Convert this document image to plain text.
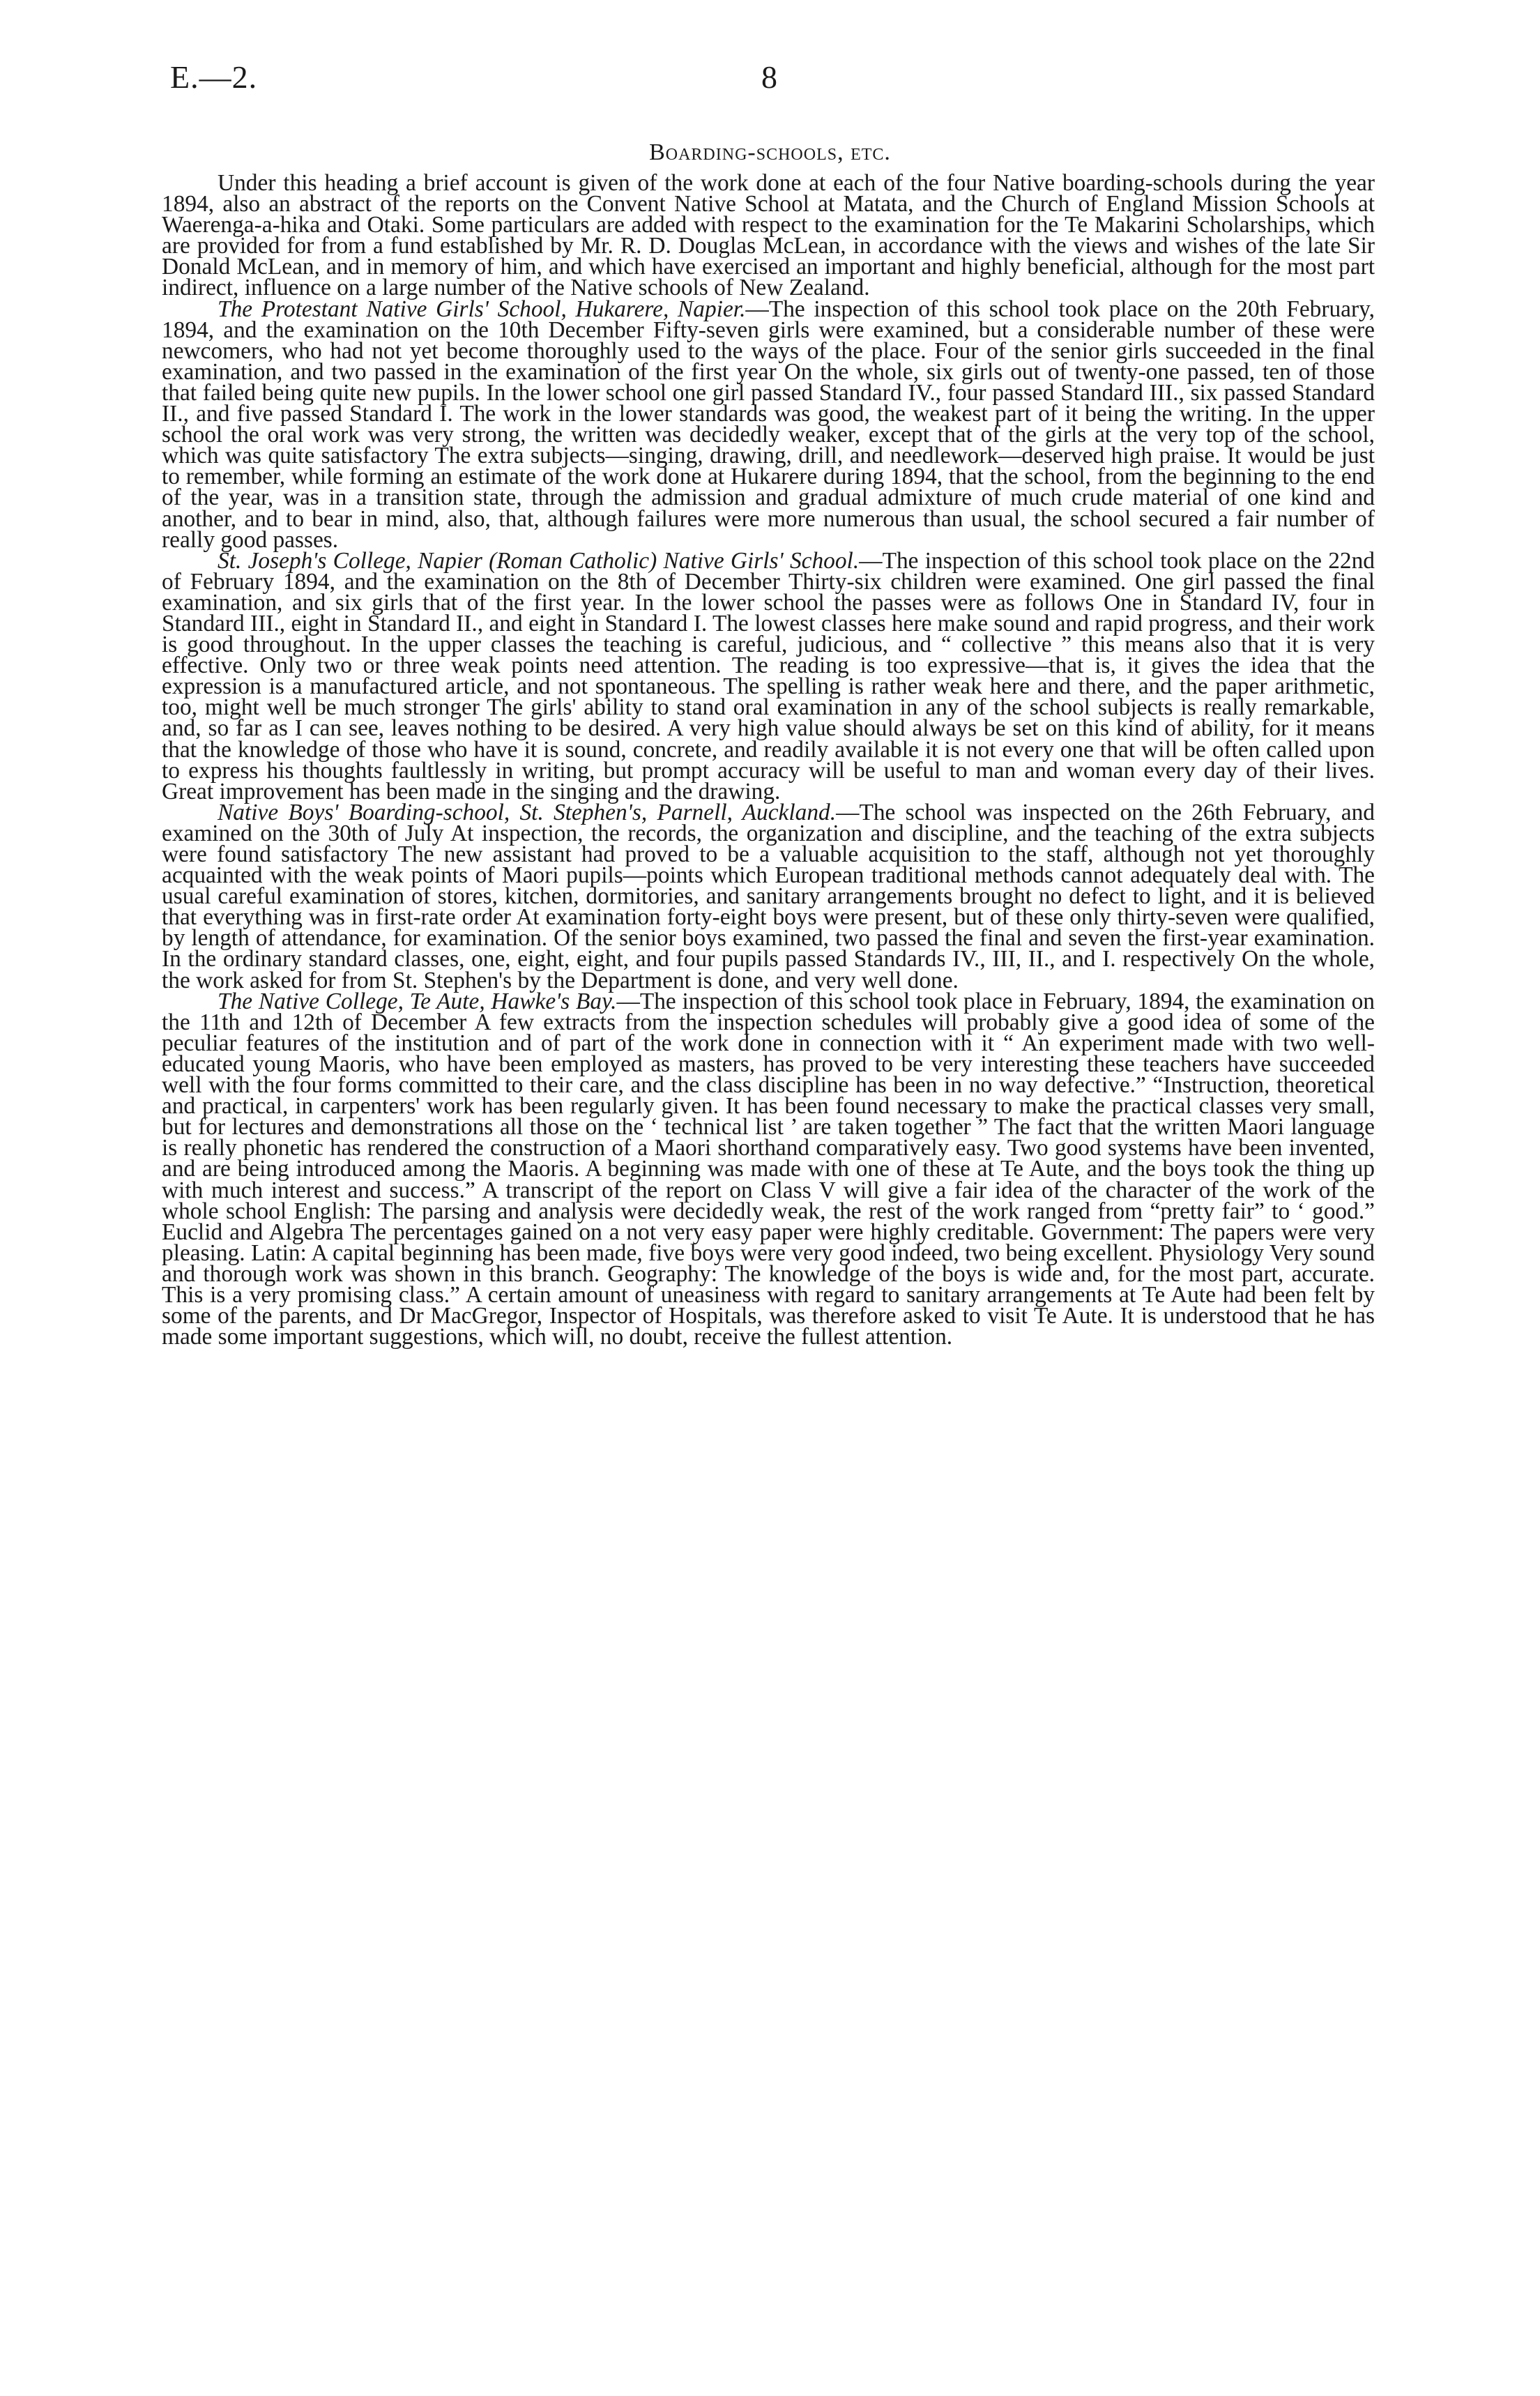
E.—2.	8
Boarding-schools, etc.

Under this heading a brief account is given of the work done at each of the four Native boarding-schools during the year 1894, also an abstract of the reports on the Convent Native School at Matata, and the Church of England Mission Schools at Waerenga-a-hika and Otaki. Some particulars are added with respect to the examination for the Te Makarini Scholarships, which are provided for from a fund established by Mr. R. D. Douglas McLean, in accordance with the views and wishes of the late Sir Donald McLean, and in memory of him, and which have exercised an important and highly beneficial, although for the most part indirect, influence on a large number of the Native schools of New Zealand.

The Protestant Native Girls' School, Hukarere, Napier.—The inspection of this school took place on the 20th February, 1894, and the examination on the 10th December Fifty-seven girls were examined, but a considerable number of these were newcomers, who had not yet become thoroughly used to the ways of the place. Four of the senior girls succeeded in the final examination, and two passed in the examination of the first year On the whole, six girls out of twenty-one passed, ten of those that failed being quite new pupils. In the lower school one girl passed Standard IV., four passed Standard III., six passed Standard II., and five passed Standard I. The work in the lower standards was good, the weakest part of it being the writing. In the upper school the oral work was very strong, the written was decidedly weaker, except that of the girls at the very top of the school, which was quite satisfactory The extra subjects—singing, drawing, drill, and needlework—deserved high praise. It would be just to remember, while forming an estimate of the work done at Hukarere during 1894, that the school, from the beginning to the end of the year, was in a transition state, through the admission and gradual admixture of much crude material of one kind and another, and to bear in mind, also, that, although failures were more numerous than usual, the school secured a fair number of really good passes.

St. Joseph's College, Napier (Roman Catholic) Native Girls' School.—The inspection of this school took place on the 22nd of February 1894, and the examination on the 8th of December Thirty-six children were examined. One girl passed the final examination, and six girls that of the first year. In the lower school the passes were as follows One in Standard IV, four in Standard III., eight in Standard II., and eight in Standard I. The lowest classes here make sound and rapid progress, and their work is good throughout. In the upper classes the teaching is careful, judicious, and “ collective ” this means also that it is very effective. Only two or three weak points need attention. The reading is too expressive—that is, it gives the idea that the expression is a manufactured article, and not spontaneous. The spelling is rather weak here and there, and the paper arithmetic, too, might well be much stronger The girls' ability to stand oral examination in any of the school subjects is really remarkable, and, so far as I can see, leaves nothing to be desired. A very high value should always be set on this kind of ability, for it means that the knowledge of those who have it is sound, concrete, and readily available it is not every one that will be often called upon to express his thoughts faultlessly in writing, but prompt accuracy will be useful to man and woman every day of their lives. Great improvement has been made in the singing and the drawing.

Native Boys' Boarding-school, St. Stephen's, Parnell, Auckland.—The school was inspected on the 26th February, and examined on the 30th of July At inspection, the records, the organization and discipline, and the teaching of the extra subjects were found satisfactory The new assistant had proved to be a valuable acquisition to the staff, although not yet thoroughly acquainted with the weak points of Maori pupils—points which European traditional methods cannot adequately deal with. The usual careful examination of stores, kitchen, dormitories, and sanitary arrangements brought no defect to light, and it is believed that everything was in first-rate order At examination forty-eight boys were present, but of these only thirty-seven were qualified, by length of attendance, for examination. Of the senior boys examined, two passed the final and seven the first-year examination. In the ordinary standard classes, one, eight, eight, and four pupils passed Standards IV., III, II., and I. respectively On the whole, the work asked for from St. Stephen's by the Department is done, and very well done.

The Native College, Te Aute, Hawke's Bay.—The inspection of this school took place in February, 1894, the examination on the 11th and 12th of December A few extracts from the inspection schedules will probably give a good idea of some of the peculiar features of the institution and of part of the work done in connection with it “ An experiment made with two well-educated young Maoris, who have been employed as masters, has proved to be very interesting these teachers have succeeded well with the four forms committed to their care, and the class discipline has been in no way defective.” “Instruction, theoretical and practical, in carpenters' work has been regularly given. It has been found necessary to make the practical classes very small, but for lectures and demonstrations all those on the ‘ technical list ’ are taken together ” The fact that the written Maori language is really phonetic has rendered the construction of a Maori shorthand comparatively easy. Two good systems have been invented, and are being introduced among the Maoris. A beginning was made with one of these at Te Aute, and the boys took the thing up with much interest and success.” A transcript of the report on Class V will give a fair idea of the character of the work of the whole school English: The parsing and analysis were decidedly weak, the rest of the work ranged from “pretty fair” to ‘ good.” Euclid and Algebra The percentages gained on a not very easy paper were highly creditable. Government: The papers were very pleasing. Latin: A capital beginning has been made, five boys were very good indeed, two being excellent. Physiology Very sound and thorough work was shown in this branch. Geography: The knowledge of the boys is wide and, for the most part, accurate. This is a very promising class.” A certain amount of uneasiness with regard to sanitary arrangements at Te Aute had been felt by some of the parents, and Dr MacGregor, Inspector of Hospitals, was therefore asked to visit Te Aute. It is understood that he has made some important suggestions, which will, no doubt, receive the fullest attention.
